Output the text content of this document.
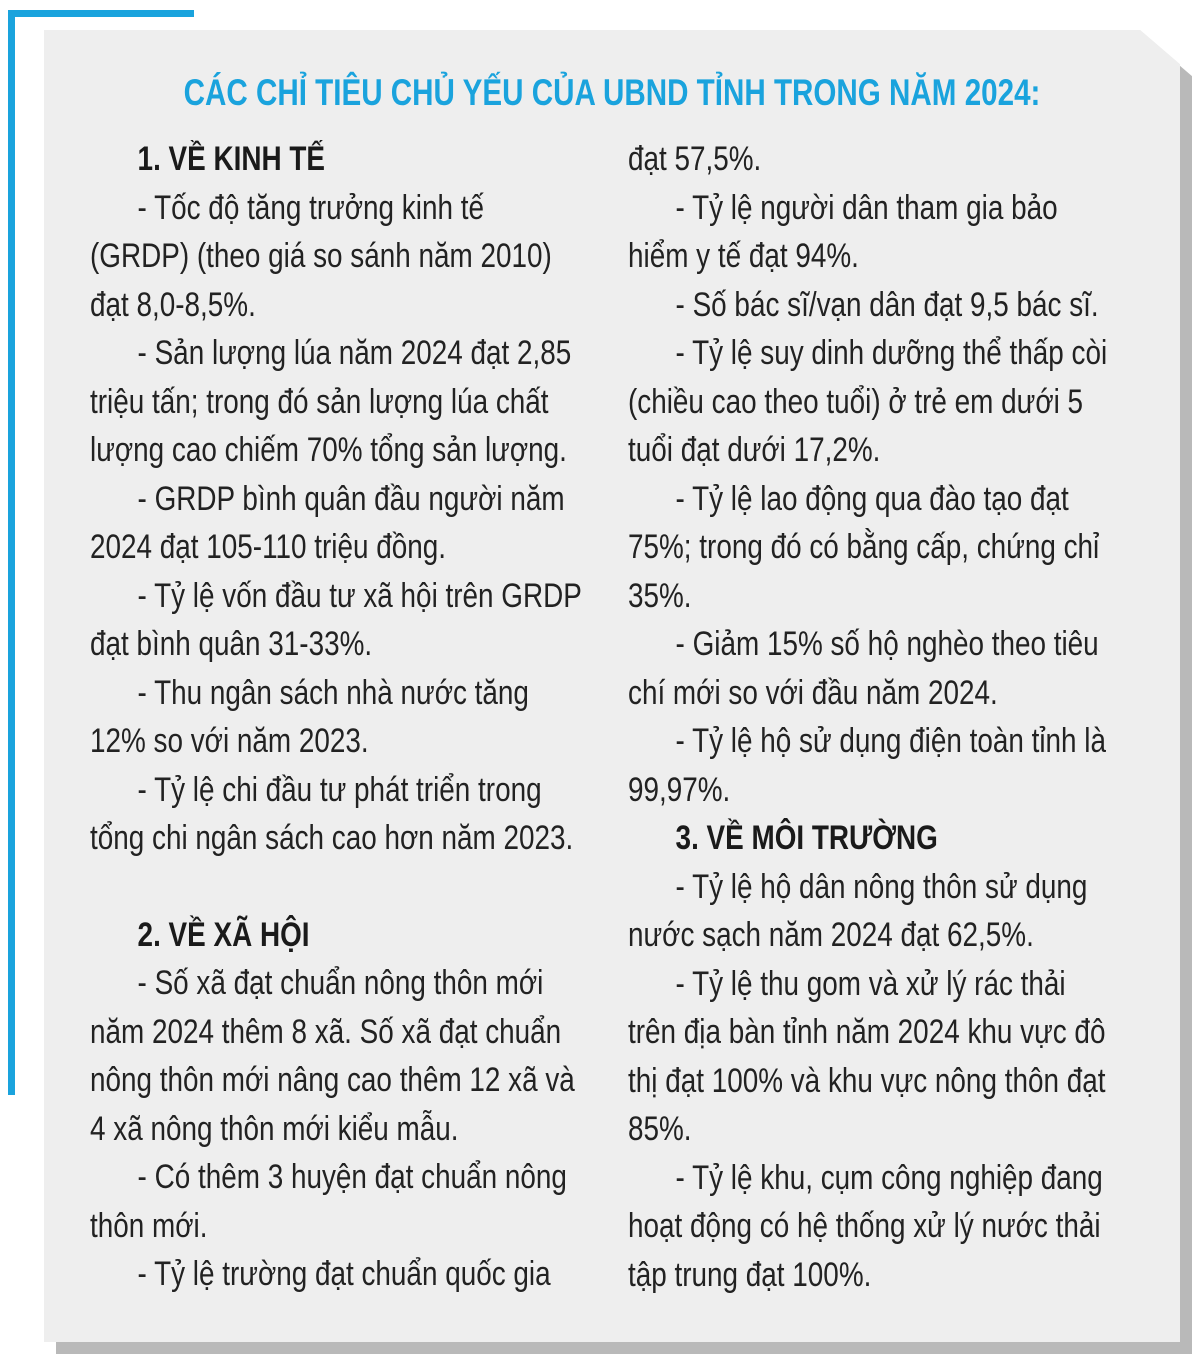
CÁC CHỈ TIÊU CHỦ YẾU CỦA UBND TỈNH TRONG NĂM 2024:
1. VỀ KINH TẾ
- Tốc độ tăng trưởng kinh tế (GRDP) (theo giá so sánh năm 2010) đạt 8,0-8,5%.
- Sản lượng lúa năm 2024 đạt 2,85 triệu tấn; trong đó sản lượng lúa chất lượng cao chiếm 70% tổng sản lượng.
- GRDP bình quân đầu người năm 2024 đạt 105-110 triệu đồng.
- Tỷ lệ vốn đầu tư xã hội trên GRDP đạt bình quân 31-33%.
- Thu ngân sách nhà nước tăng 12% so với năm 2023.
- Tỷ lệ chi đầu tư phát triển trong tổng chi ngân sách cao hơn năm 2023.
2. VỀ XÃ HỘI
- Số xã đạt chuẩn nông thôn mới năm 2024 thêm 8 xã. Số xã đạt chuẩn nông thôn mới nâng cao thêm 12 xã và 4 xã nông thôn mới kiểu mẫu.
- Có thêm 3 huyện đạt chuẩn nông thôn mới.
- Tỷ lệ trường đạt chuẩn quốc gia
đạt 57,5%.
- Tỷ lệ người dân tham gia bảo hiểm y tế đạt 94%.
- Số bác sĩ/vạn dân đạt 9,5 bác sĩ.
- Tỷ lệ suy dinh dưỡng thể thấp còi (chiều cao theo tuổi) ở trẻ em dưới 5 tuổi đạt dưới 17,2%.
- Tỷ lệ lao động qua đào tạo đạt 75%; trong đó có bằng cấp, chứng chỉ 35%.
- Giảm 15% số hộ nghèo theo tiêu chí mới so với đầu năm 2024.
- Tỷ lệ hộ sử dụng điện toàn tỉnh là 99,97%.
3. VỀ MÔI TRƯỜNG
- Tỷ lệ hộ dân nông thôn sử dụng nước sạch năm 2024 đạt 62,5%.
- Tỷ lệ thu gom và xử lý rác thải trên địa bàn tỉnh năm 2024 khu vực đô thị đạt 100% và khu vực nông thôn đạt 85%.
- Tỷ lệ khu, cụm công nghiệp đang hoạt động có hệ thống xử lý nước thải tập trung đạt 100%.
